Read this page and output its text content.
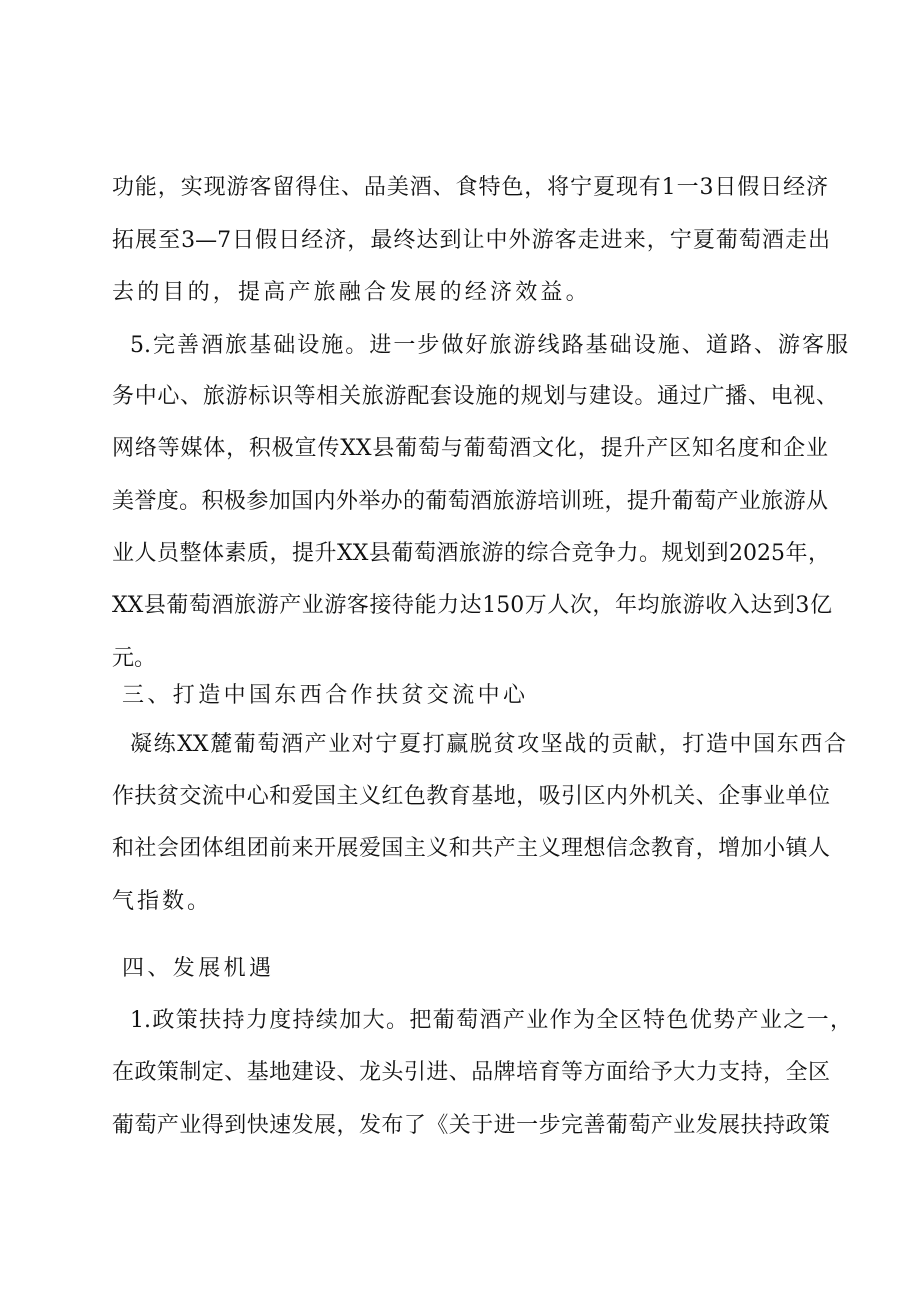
功能，实现游客留得住、品美酒、食特色，将宁夏现有1一3日假日经济
拓展至3—7日假日经济，最终达到让中外游客走进来，宁夏葡萄酒走出
去的目的，提高产旅融合发展的经济效益。
5.完善酒旅基础设施。进一步做好旅游线路基础设施、道路、游客服
务中心、旅游标识等相关旅游配套设施的规划与建设。通过广播、电视、
网络等媒体，积极宣传XX县葡萄与葡萄酒文化，提升产区知名度和企业
美誉度。积极参加国内外举办的葡萄酒旅游培训班，提升葡萄产业旅游从
业人员整体素质，提升XX县葡萄酒旅游的综合竞争力。规划到2025年，
XX县葡萄酒旅游产业游客接待能力达150万人次，年均旅游收入达到3亿
元。
三、打造中国东西合作扶贫交流中心
凝练XX麓葡萄酒产业对宁夏打赢脱贫攻坚战的贡献，打造中国东西合
作扶贫交流中心和爱国主义红色教育基地，吸引区内外机关、企事业单位
和社会团体组团前来开展爱国主义和共产主义理想信念教育，增加小镇人
气指数。
四、发展机遇
1.政策扶持力度持续加大。把葡萄酒产业作为全区特色优势产业之一，
在政策制定、基地建设、龙头引进、品牌培育等方面给予大力支持，全区
葡萄产业得到快速发展，发布了《关于进一步完善葡萄产业发展扶持政策
